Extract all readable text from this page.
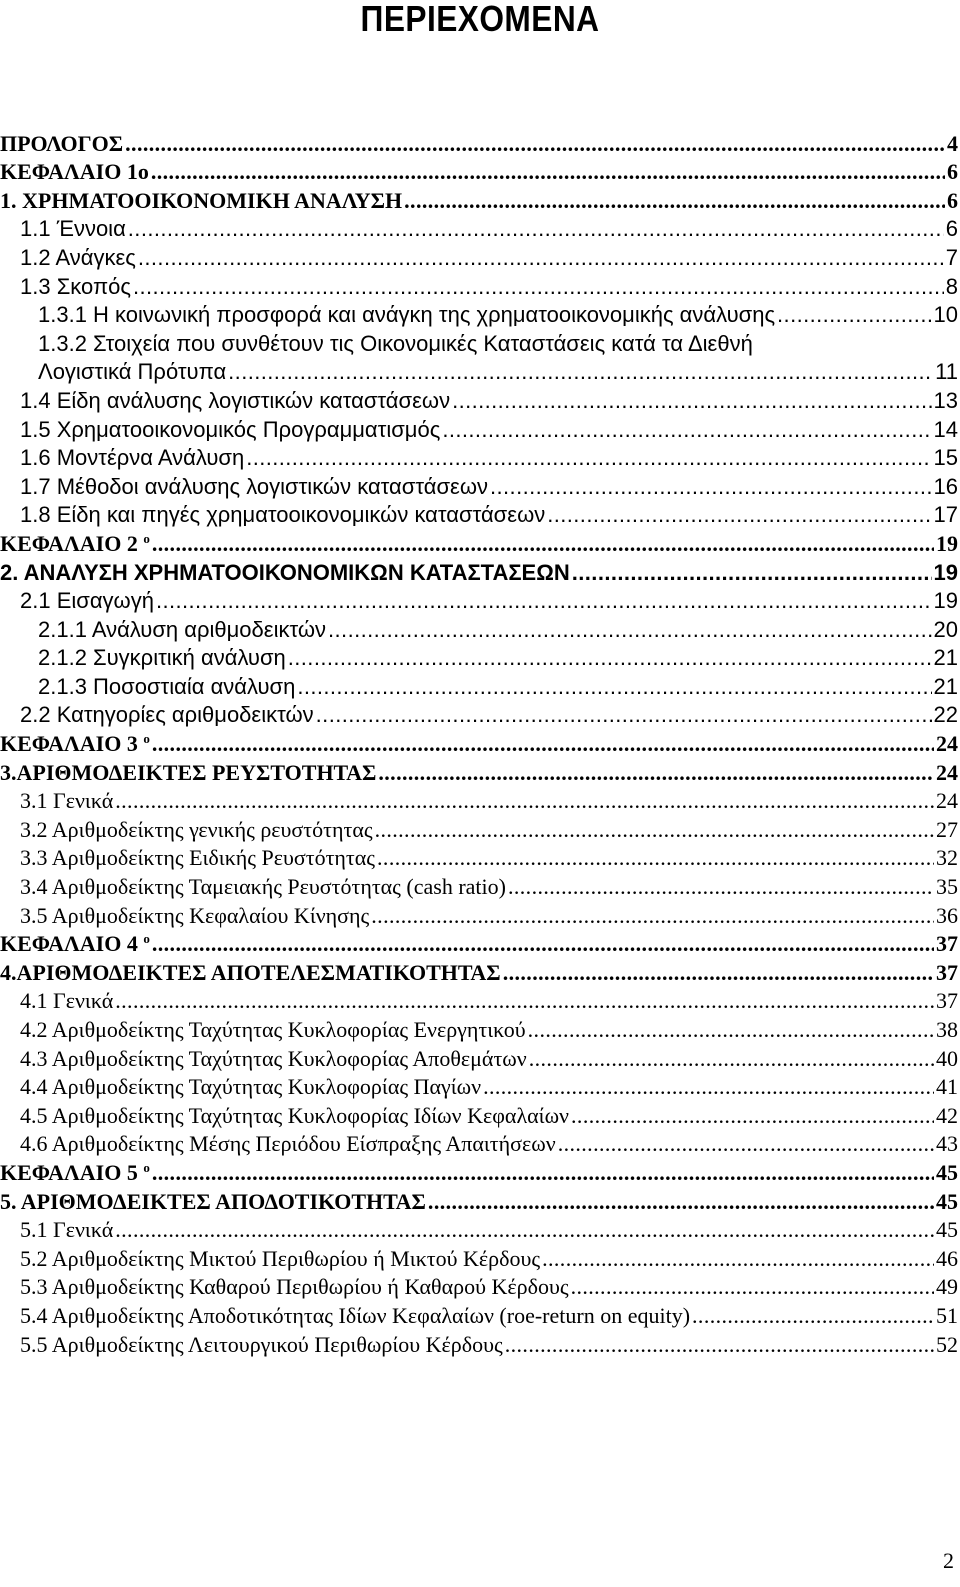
ΠΕΡΙΕΧΟΜΕΝΑ
ΠΡΟΛΟΓΟΣ .....	4
ΚΕΦΑΛΑΙΟ 1ο .....	6
1. ΧΡΗΜΑΤΟΟΙΚΟΝΟΜΙΚΗ ΑΝΑΛΥΣΗ .....	6
1.1 Έννοια .....	6
1.2 Ανάγκες .....	7
1.3 Σκοπός .....	8
1.3.1 Η κοινωνική προσφορά και ανάγκη της χρηματοοικονομικής ανάλυσης .....	10
1.3.2 Στοιχεία που συνθέτουν τις Οικονομικές Καταστάσεις κατά τα Διεθνή
Λογιστικά Πρότυπα .....	11
1.4 Είδη ανάλυσης λογιστικών καταστάσεων .....	13
1.5 Χρηματοοικονομικός Προγραμματισμός .....	14
1.6 Μοντέρνα Ανάλυση .....	15
1.7 Μέθοδοι ανάλυσης λογιστικών καταστάσεων .....	16
1.8 Είδη και πηγές χρηματοοικονομικών καταστάσεων .....	17
ΚΕΦΑΛΑΙΟ 2 $^o$ .....	19
2. ΑΝΑΛΥΣΗ ΧΡΗΜΑΤΟΟΙΚΟΝΟΜΙΚΩΝ ΚΑΤΑΣΤΑΣΕΩΝ .....	19
2.1 Εισαγωγή .....	19
2.1.1 Ανάλυση αριθμοδεικτών .....	20
2.1.2 Συγκριτική ανάλυση .....	21
2.1.3 Ποσοστιαία ανάλυση .....	21
2.2 Κατηγορίες αριθμοδεικτών .....	22
ΚΕΦΑΛΑΙΟ 3 $^o$ .....	24
3.ΑΡΙΘΜΟΔΕΙΚΤΕΣ ΡΕΥΣΤΟΤΗΤΑΣ .....	24
3.1 Γενικά .....	24
3.2 Αριθμοδείκτης γενικής ρευστότητας .....	27
3.3 Αριθμοδείκτης Ειδικής Ρευστότητας .....	32
3.4 Αριθμοδείκτης Ταμειακής Ρευστότητας (cash ratio) .....	35
3.5 Αριθμοδείκτης Κεφαλαίου Κίνησης .....	36
ΚΕΦΑΛΑΙΟ 4 $^o$ .....	37
4.ΑΡΙΘΜΟΔΕΙΚΤΕΣ ΑΠΟΤΕΛΕΣΜΑΤΙΚΟΤΗΤΑΣ .....	37
4.1 Γενικά .....	37
4.2 Αριθμοδείκτης Ταχύτητας Κυκλοφορίας Ενεργητικού .....	38
4.3 Αριθμοδείκτης Ταχύτητας Κυκλοφορίας Αποθεμάτων .....	40
4.4 Αριθμοδείκτης Ταχύτητας Κυκλοφορίας Παγίων .....	41
4.5 Αριθμοδείκτης Ταχύτητας Κυκλοφορίας Ιδίων Κεφαλαίων .....	42
4.6 Αριθμοδείκτης Μέσης Περιόδου Είσπραξης Απαιτήσεων .....	43
ΚΕΦΑΛΑΙΟ 5 $^o$ .....	45
5. ΑΡΙΘΜΟΔΕΙΚΤΕΣ ΑΠΟΔΟΤΙΚΟΤΗΤΑΣ .....	45
5.1 Γενικά .....	45
5.2 Αριθμοδείκτης Μικτού Περιθωρίου ή Μικτού Κέρδους .....	46
5.3 Αριθμοδείκτης Καθαρού Περιθωρίου ή Καθαρού Κέρδους .....	49
5.4 Αριθμοδείκτης Αποδοτικότητας Ιδίων Κεφαλαίων (roe-return on equity) .....	51
5.5 Αριθμοδείκτης Λειτουργικού Περιθωρίου Κέρδους .....	52
2
